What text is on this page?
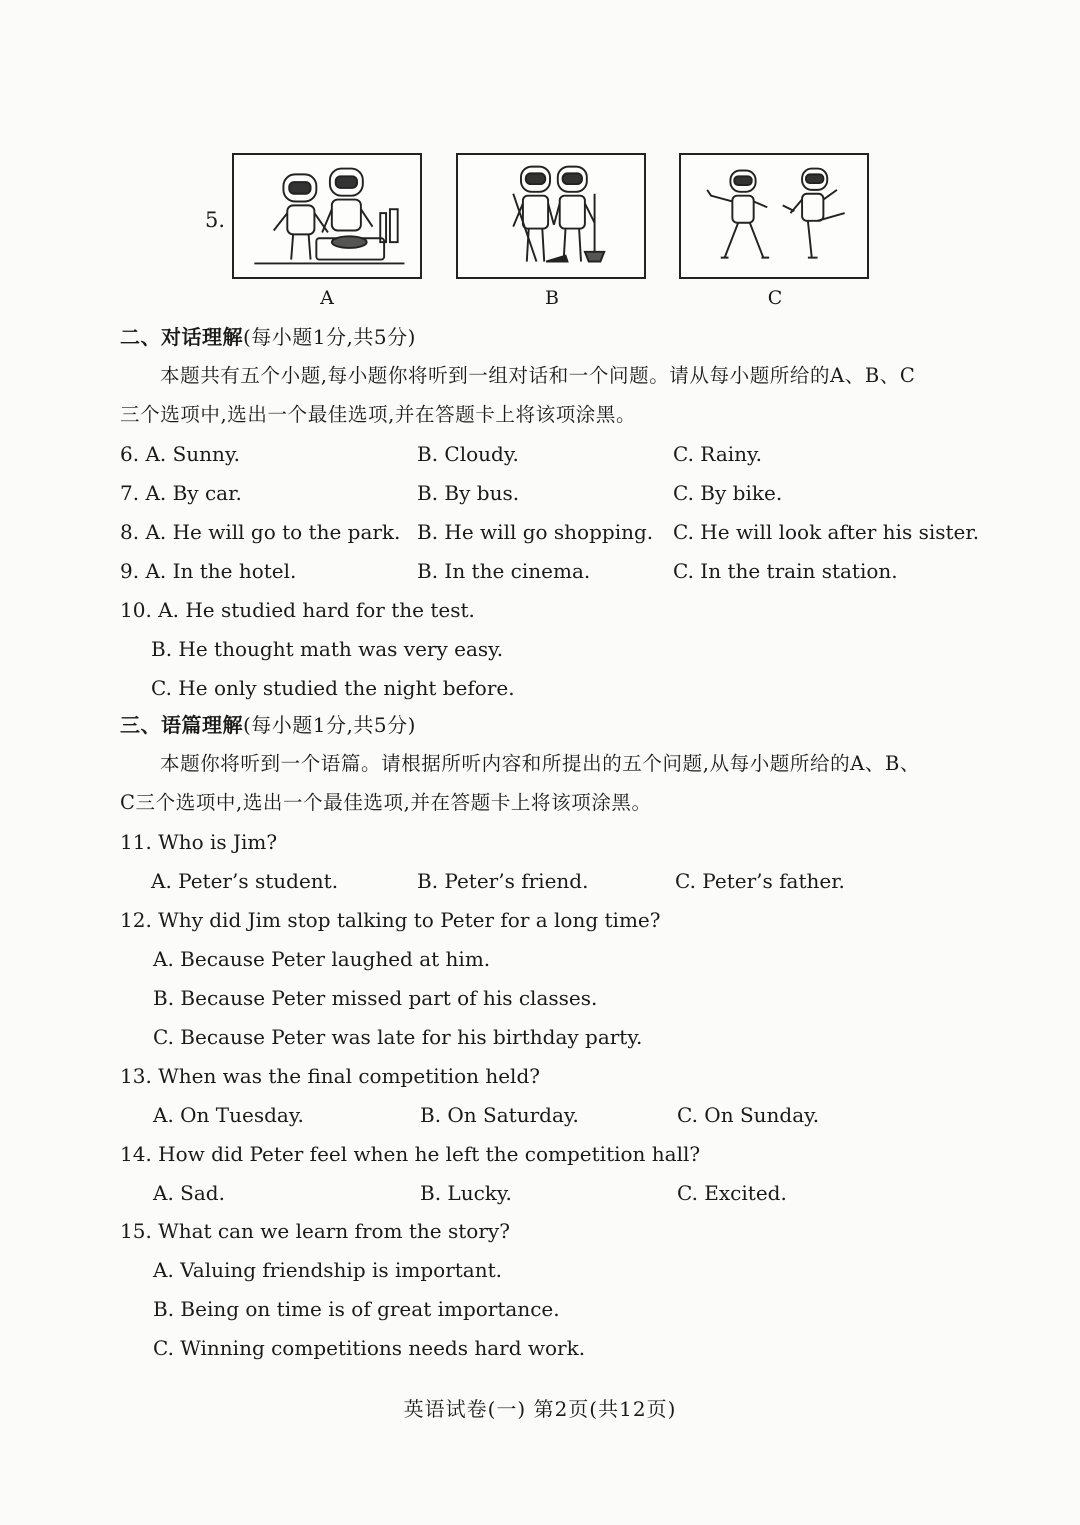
5.
A	B	C
二、对话理解(每小题1分,共5分)
本题共有五个小题,每小题你将听到一组对话和一个问题。请从每小题所给的A、B、C
三个选项中,选出一个最佳选项,并在答题卡上将该项涂黑。
6. A. Sunny.	B. Cloudy.	C. Rainy.
7. A. By car.	B. By bus.	C. By bike.
8. A. He will go to the park. B. He will go shopping. C. He will look after his sister.
9. A. In the hotel.	B. In the cinema.	C. In the train station.
10. A. He studied hard for the test.
B. He thought math was very easy.
C. He only studied the night before.
三、语篇理解(每小题1分,共5分)
本题你将听到一个语篇。请根据所听内容和所提出的五个问题,从每小题所给的A、B、
C三个选项中,选出一个最佳选项,并在答题卡上将该项涂黑。
11. Who is Jim?
A. Peter’s student.	B. Peter’s friend.	C. Peter’s father.
12. Why did Jim stop talking to Peter for a long time?
A. Because Peter laughed at him.
B. Because Peter missed part of his classes.
C. Because Peter was late for his birthday party.
13. When was the final competition held?
A. On Tuesday.	B. On Saturday.	C. On Sunday.
14. How did Peter feel when he left the competition hall?
A. Sad.	B. Lucky.	C. Excited.
15. What can we learn from the story?
A. Valuing friendship is important.
B. Being on time is of great importance.
C. Winning competitions needs hard work.
英语试卷(一) 第2页(共12页)
